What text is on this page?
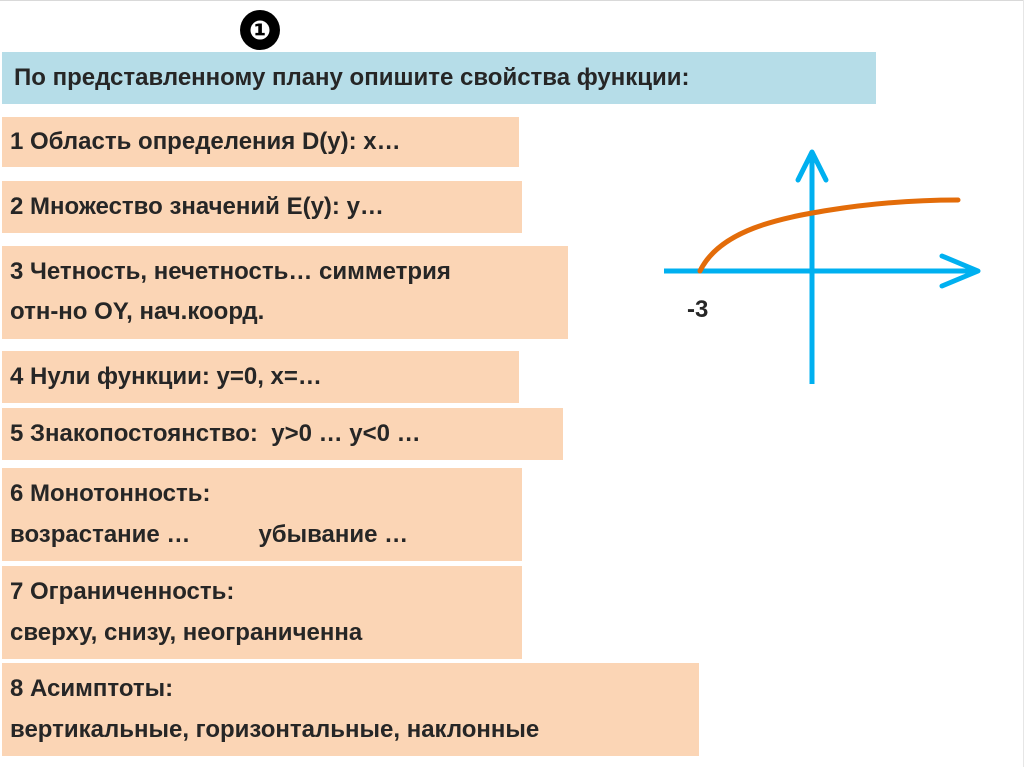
❶
По представленному плану опишите свойства функции:
1 Область определения D(y): x…
2 Множество значений E(y): y…
3 Четность, нечетность… симметрия
отн-но OY, нач.коорд.
4 Нули функции: y=0, x=…
5 Знакопостоянство:  y>0 … y<0 …
6 Монотонность:
возрастание …	убывание …
7 Ограниченность:
сверху, снизу, неограниченна
8 Асимптоты:
вертикальные, горизонтальные, наклонные
-3
